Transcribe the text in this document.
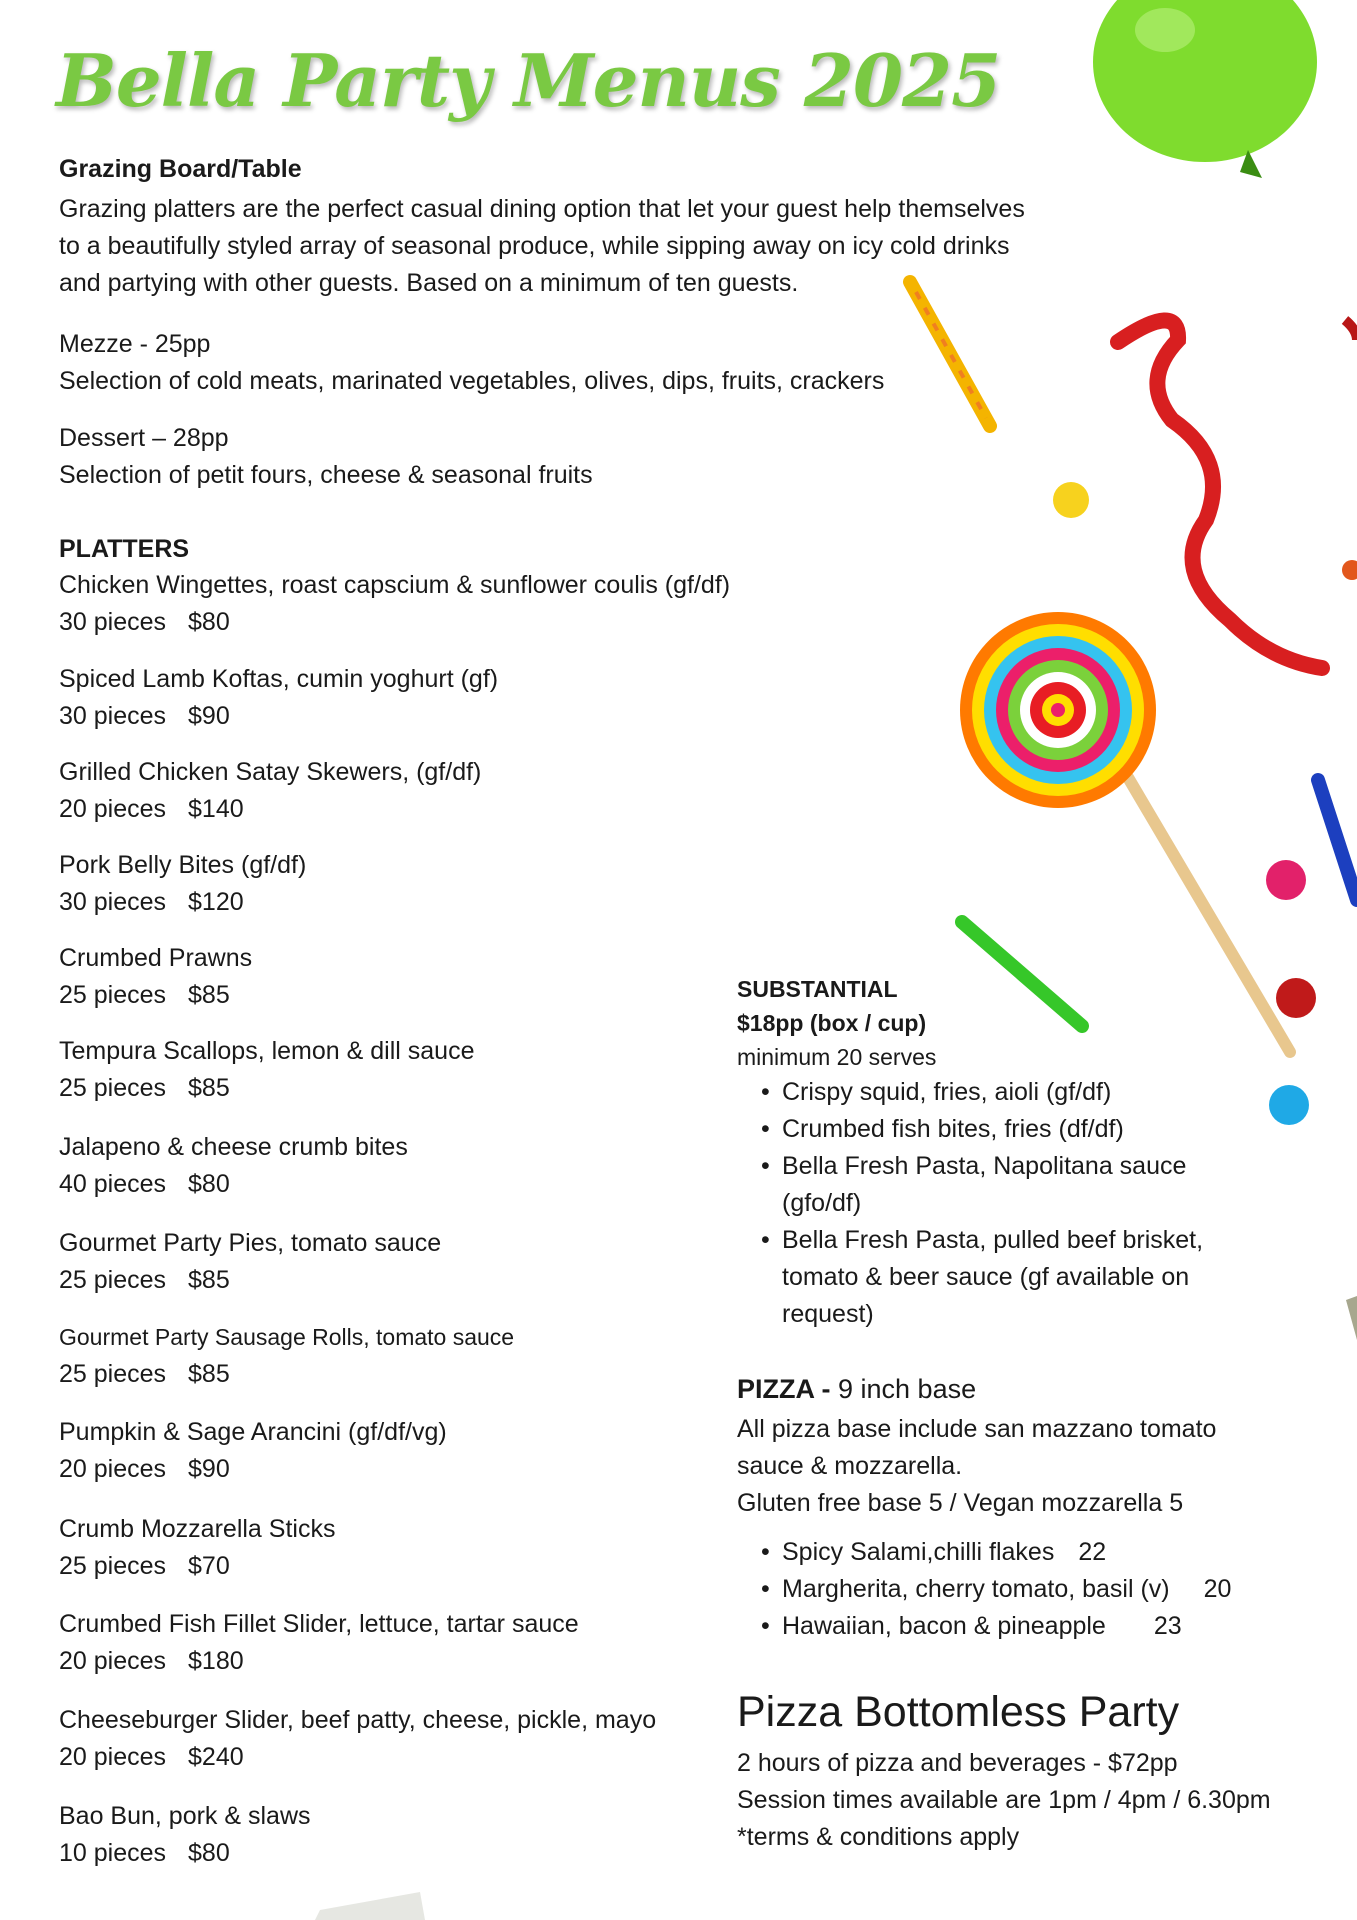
Bella Party Menus 2025
Grazing Board/Table
Grazing platters are the perfect casual dining option that let your guest help themselves
to a beautifully styled array of seasonal produce, while sipping away on icy cold drinks
and partying with other guests. Based on a minimum of ten guests.
Mezze - 25pp
Selection of cold meats, marinated vegetables, olives, dips, fruits, crackers
Dessert – 28pp
Selection of petit fours, cheese & seasonal fruits
PLATTERS
Chicken Wingettes, roast capscium & sunflower coulis (gf/df)
30 pieces $80
Spiced Lamb Koftas, cumin yoghurt (gf)
30 pieces $90
Grilled Chicken Satay Skewers, (gf/df)
20 pieces $140
Pork Belly Bites (gf/df)
30 pieces $120
Crumbed Prawns
25 pieces $85
Tempura Scallops, lemon & dill sauce
25 pieces $85
Jalapeno & cheese crumb bites
40 pieces $80
Gourmet Party Pies, tomato sauce
25 pieces $85
Gourmet Party Sausage Rolls, tomato sauce
25 pieces $85
Pumpkin & Sage Arancini (gf/df/vg)
20 pieces $90
Crumb Mozzarella Sticks
25 pieces $70
Crumbed Fish Fillet Slider, lettuce, tartar sauce
20 pieces $180
Cheeseburger Slider, beef patty, cheese, pickle, mayo
20 pieces $240
Bao Bun, pork & slaws
10 pieces $80
SUBSTANTIAL
$18pp (box / cup)
minimum 20 serves
• Crispy squid, fries, aioli (gf/df)
• Crumbed fish bites, fries (df/df)
• Bella Fresh Pasta, Napolitana sauce (gfo/df)
• Bella Fresh Pasta, pulled beef brisket, tomato & beer sauce (gf available on request)
PIZZA - 9 inch base
All pizza base include san mazzano tomato
sauce & mozzarella.
Gluten free base 5 / Vegan mozzarella 5
• Spicy Salami,chilli flakes 22
• Margherita, cherry tomato, basil (v) 20
• Hawaiian, bacon & pineapple 23
Pizza Bottomless Party
2 hours of pizza and beverages - $72pp
Session times available are 1pm / 4pm / 6.30pm
*terms & conditions apply
